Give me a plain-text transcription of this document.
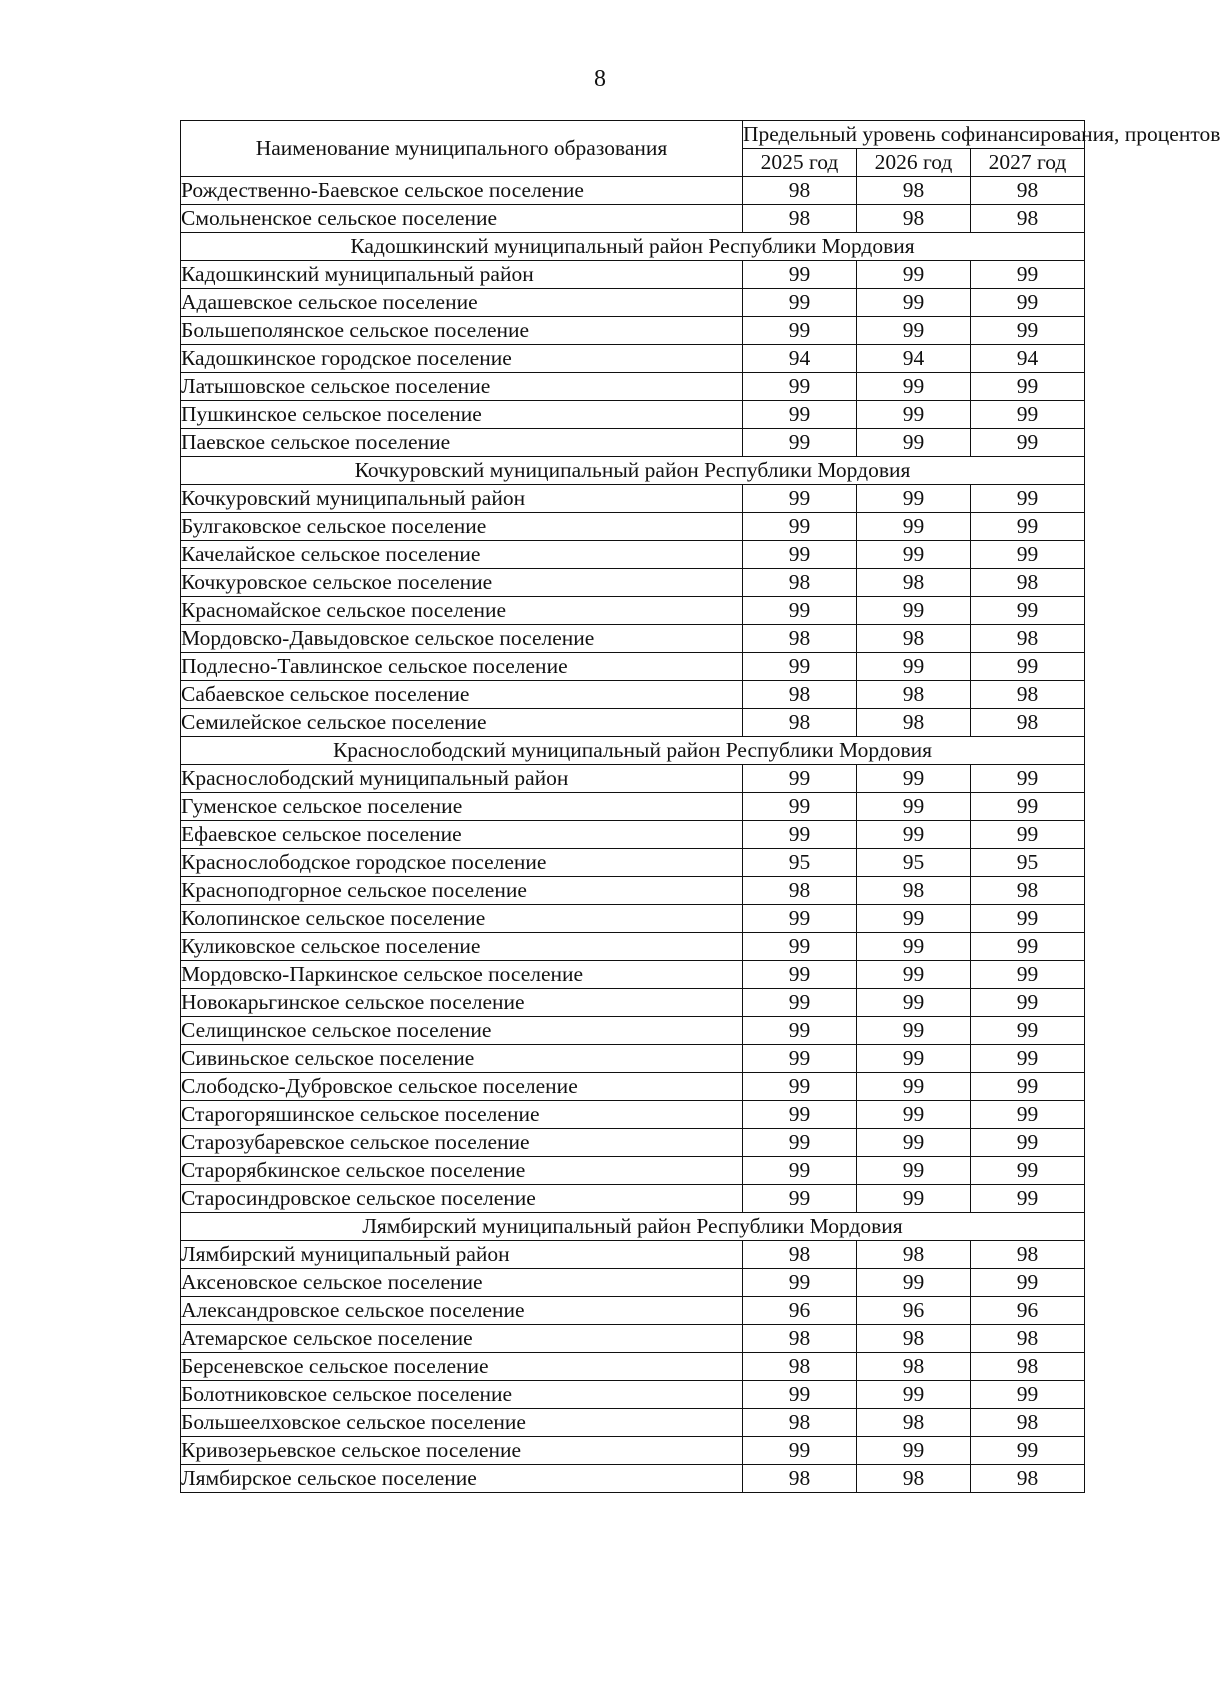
8
Наименование муниципального образования	Предельный уровень софинансирования, процентов		
	2025 год	2026 год	2027 год
Рождественно-Баевское сельское поселение	98	98	98
Смольненское сельское поселение	98	98	98
Кадошкинский муниципальный район Республики Мордовия			
Кадошкинский муниципальный район	99	99	99
Адашевское сельское поселение	99	99	99
Большеполянское сельское поселение	99	99	99
Кадошкинское городское поселение	94	94	94
Латышовское сельское поселение	99	99	99
Пушкинское сельское поселение	99	99	99
Паевское сельское поселение	99	99	99
Кочкуровский муниципальный район Республики Мордовия			
Кочкуровский муниципальный район	99	99	99
Булгаковское сельское поселение	99	99	99
Качелайское сельское поселение	99	99	99
Кочкуровское сельское поселение	98	98	98
Красномайское сельское поселение	99	99	99
Мордовско-Давыдовское сельское поселение	98	98	98
Подлесно-Тавлинское сельское поселение	99	99	99
Сабаевское сельское поселение	98	98	98
Семилейское сельское поселение	98	98	98
Краснослободский муниципальный район Республики Мордовия			
Краснослободский муниципальный район	99	99	99
Гуменское сельское поселение	99	99	99
Ефаевское сельское поселение	99	99	99
Краснослободское городское поселение	95	95	95
Красноподгорное сельское поселение	98	98	98
Колопинское сельское поселение	99	99	99
Куликовское сельское поселение	99	99	99
Мордовско-Паркинское сельское поселение	99	99	99
Новокарьгинское сельское поселение	99	99	99
Селищинское сельское поселение	99	99	99
Сивиньское сельское поселение	99	99	99
Слободско-Дубровское сельское поселение	99	99	99
Старогоряшинское сельское поселение	99	99	99
Старозубаревское сельское поселение	99	99	99
Старорябкинское сельское поселение	99	99	99
Старосиндровское сельское поселение	99	99	99
Лямбирский муниципальный район Республики Мордовия			
Лямбирский муниципальный район	98	98	98
Аксеновское сельское поселение	99	99	99
Александровское сельское поселение	96	96	96
Атемарское сельское поселение	98	98	98
Берсеневское сельское поселение	98	98	98
Болотниковское сельское поселение	99	99	99
Большеелховское сельское поселение	98	98	98
Кривозерьевское сельское поселение	99	99	99
Лямбирское сельское поселение	98	98	98
